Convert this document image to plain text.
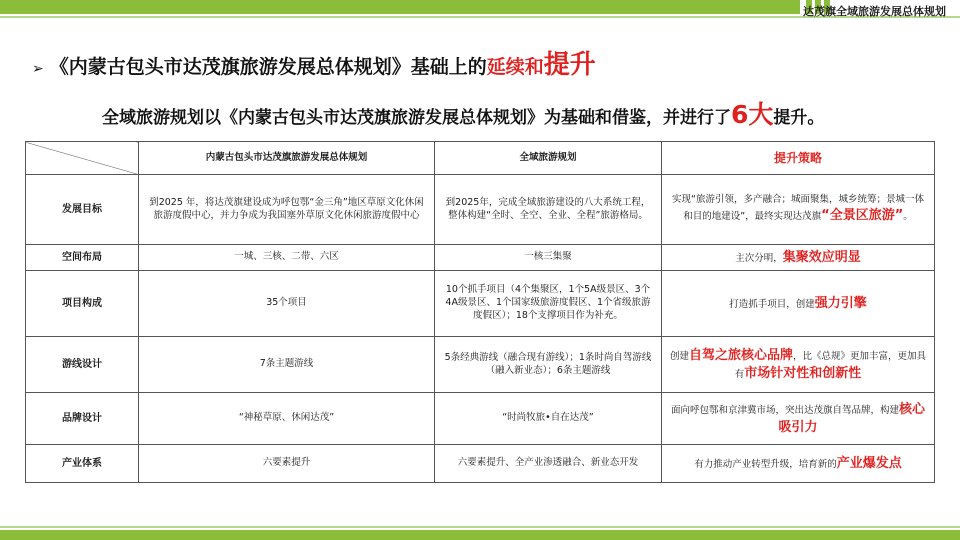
达茂旗全域旅游发展总体规划
➢ 《内蒙古包头市达茂旗旅游发展总体规划》基础上的延续和提升
全域旅游规划以《内蒙古包头市达茂旗旅游发展总体规划》为基础和借鉴，并进行了6大提升。
	内蒙古包头市达茂旗旅游发展总体规划	全域旅游规划	提升策略
发展目标	到2025 年，将达茂旗建设成为呼包鄂“金三角”地区草原文化休闲旅游度假中心，并力争成为我国塞外草原文化休闲旅游度假中心	到2025年，完成全域旅游建设的八大系统工程，整体构建“全时、全空、全业、全程”旅游格局。	实现“旅游引领，多产融合；城面聚集，城乡统筹；景城一体和目的地建设”，最终实现达茂旗“全景区旅游”。
空间布局	一城、三核、二带、六区	一核三集聚	主次分明，集聚效应明显
项目构成	35个项目	10个抓手项目（4个集聚区，1个5A级景区、3个4A级景区、1个国家级旅游度假区、1个省级旅游度假区）；18个支撑项目作为补充。	打造抓手项目，创建强力引擎
游线设计	7条主题游线	5条经典游线（融合现有游线）；1条时尚自驾游线（融入新业态）；6条主题游线	创建自驾之旅核心品牌，比《总规》更加丰富，更加具有市场针对性和创新性
品牌设计	“神秘草原、休闲达茂”	“时尚牧旅•自在达茂”	面向呼包鄂和京津冀市场，突出达茂旗自驾品牌，构建核心吸引力
产业体系	六要素提升	六要素提升、全产业渗透融合、新业态开发	有力推动产业转型升级，培育新的产业爆发点
